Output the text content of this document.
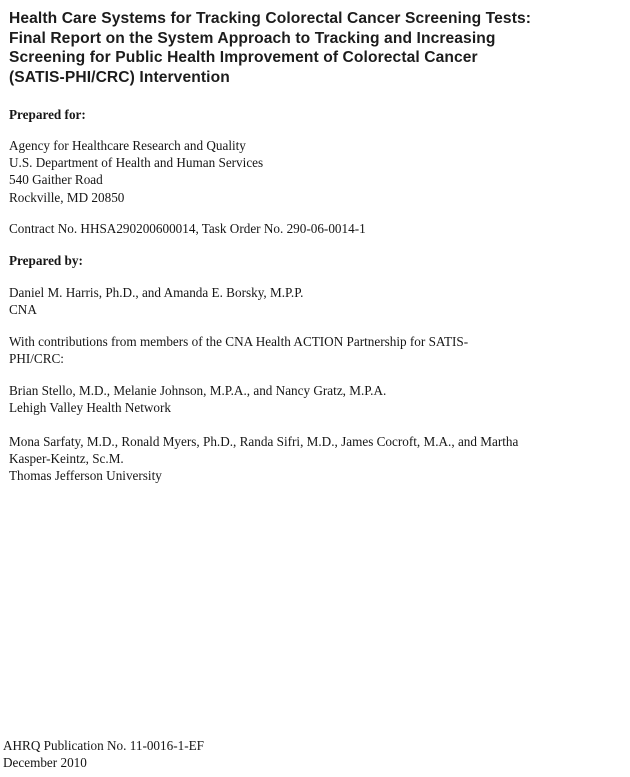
Health Care Systems for Tracking Colorectal Cancer Screening Tests:
Final Report on the System Approach to Tracking and Increasing
Screening for Public Health Improvement of Colorectal Cancer
(SATIS-PHI/CRC) Intervention
Prepared for:
Agency for Healthcare Research and Quality
U.S. Department of Health and Human Services
540 Gaither Road
Rockville, MD 20850
Contract No. HHSA290200600014, Task Order No. 290-06-0014-1
Prepared by:
Daniel M. Harris, Ph.D., and Amanda E. Borsky, M.P.P.
CNA
With contributions from members of the CNA Health ACTION Partnership for SATIS-
PHI/CRC:
Brian Stello, M.D., Melanie Johnson, M.P.A., and Nancy Gratz, M.P.A.
Lehigh Valley Health Network
Mona Sarfaty, M.D., Ronald Myers, Ph.D., Randa Sifri, M.D., James Cocroft, M.A., and Martha
Kasper-Keintz, Sc.M.
Thomas Jefferson University
AHRQ Publication No. 11-0016-1-EF
December 2010
